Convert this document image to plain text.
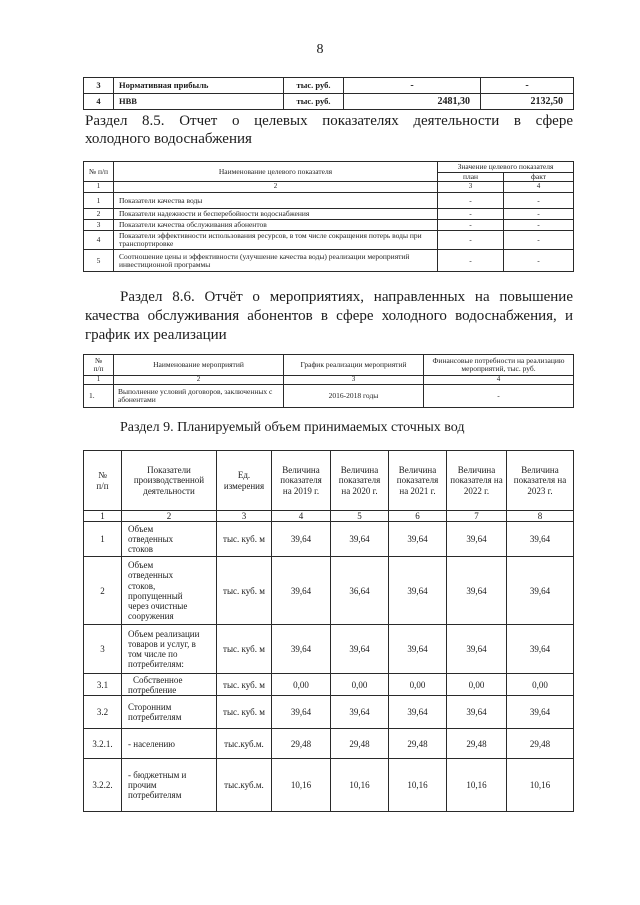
8
3	Нормативная прибыль	тыс. руб.	-	-

4	НВВ	тыс. руб.	2481,30	2132,50
Раздел 8.5. Отчет о целевых показателях деятельности в сфере
холодного водоснабжения
№ п/п	Наименование целевого показателя	Значение целевого показателя	

		план	факт

1	2	3	4

1	Показатели качества воды	-	-

2	Показатели надежности и бесперебойности водоснабжения	-	-

3	Показатели качества обслуживания абонентов	-	-

4	Показатели эффективности использования ресурсов, в том числе сокращения потерь воды при транспортировке	-	-

5	Соотношение цены и эффективности (улучшение качества воды) реализации мероприятий инвестиционной программы	-	-
Раздел 8.6. Отчёт о мероприятиях, направленных на повышение
качества обслуживания абонентов в сфере холодного водоснабжения, и
график их реализации
№ п/п	Наименование мероприятий	График реализации мероприятий	Финансовые потребности на реализацию мероприятий, тыс. руб.

1	2	3	4

1.	Выполнение условий договоров, заключенных с абонентами	2016-2018 годы	-
Раздел 9. Планируемый объем принимаемых сточных вод
№ п/п	Показатели производственной деятельности	Ед. измерения	Величина показателя на 2019 г.	Величина показателя на 2020 г.	Величина показателя на 2021 г.	Величина показателя на 2022 г.	Величина показателя на 2023 г.

1	2	3	4	5	6	7	8

1	Объем отведенных стоков	тыс. куб. м	39,64	39,64	39,64	39,64	39,64

2	Объем отведенных стоков, пропущенный через очистные сооружения	тыс. куб. м	39,64	36,64	39,64	39,64	39,64

3	Объем реализации товаров и услуг, в том числе по потребителям:	тыс. куб. м	39,64	39,64	39,64	39,64	39,64

3.1	Собственное потребление	тыс. куб. м	0,00	0,00	0,00	0,00	0,00

3.2	Сторонним потребителям	тыс. куб. м	39,64	39,64	39,64	39,64	39,64

3.2.1.	- населению	тыс.куб.м.	29,48	29,48	29,48	29,48	29,48

3.2.2.	- бюджетным и прочим потребителям	тыс.куб.м.	10,16	10,16	10,16	10,16	10,16
